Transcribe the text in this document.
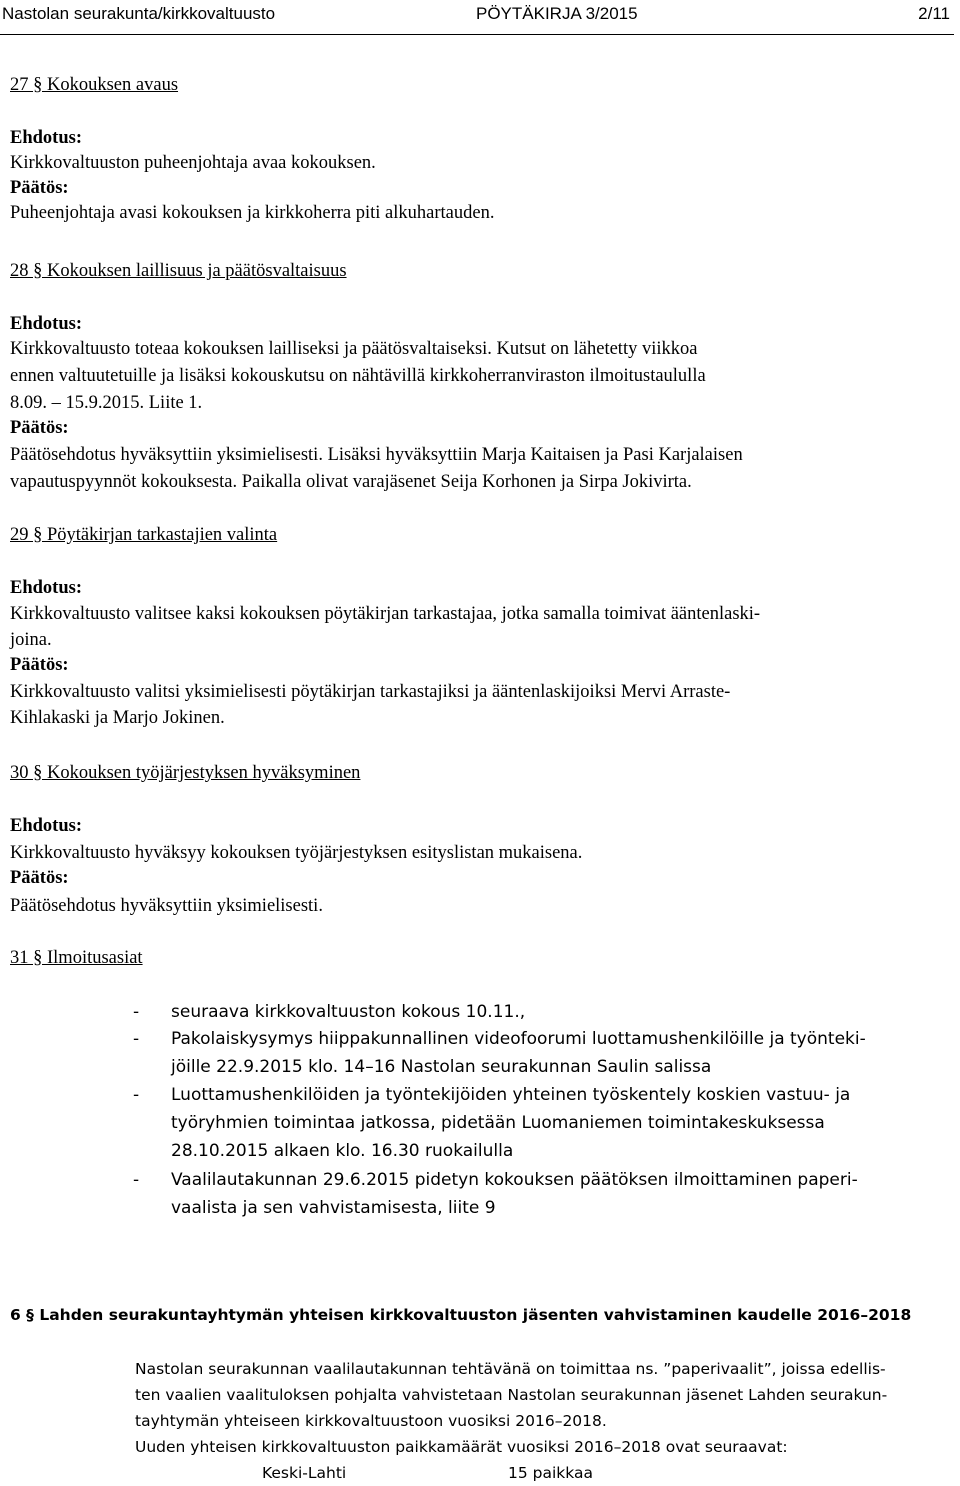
Nastolan seurakunta/kirkkovaltuusto	PÖYTÄKIRJA 3/2015	2/11
27 § Kokouksen avaus
Ehdotus:
Kirkkovaltuuston puheenjohtaja avaa kokouksen.
Päätös:
Puheenjohtaja avasi kokouksen ja kirkkoherra piti alkuhartauden.
28 § Kokouksen laillisuus ja päätösvaltaisuus
Ehdotus:
Kirkkovaltuusto toteaa kokouksen lailliseksi ja päätösvaltaiseksi. Kutsut on lähetetty viikkoa
ennen valtuutetuille ja lisäksi kokouskutsu on nähtävillä kirkkoherranviraston ilmoitustaululla
8.09. – 15.9.2015. Liite 1.
Päätös:
Päätösehdotus hyväksyttiin yksimielisesti. Lisäksi hyväksyttiin Marja Kaitaisen ja Pasi Karjalaisen
vapautuspyynnöt kokouksesta. Paikalla olivat varajäsenet Seija Korhonen ja Sirpa Jokivirta.
29 § Pöytäkirjan tarkastajien valinta
Ehdotus:
Kirkkovaltuusto valitsee kaksi kokouksen pöytäkirjan tarkastajaa, jotka samalla toimivat ääntenlaski-
joina.
Päätös:
Kirkkovaltuusto valitsi yksimielisesti pöytäkirjan tarkastajiksi ja ääntenlaskijoiksi Mervi Arraste-
Kihlakaski ja Marjo Jokinen.
30 § Kokouksen työjärjestyksen hyväksyminen
Ehdotus:
Kirkkovaltuusto hyväksyy kokouksen työjärjestyksen esityslistan mukaisena.
Päätös:
Päätösehdotus hyväksyttiin yksimielisesti.
31 § Ilmoitusasiat
- seuraava kirkkovaltuuston kokous 10.11.,
- Pakolaiskysymys hiippakunnallinen videofoorumi luottamushenkilöille ja työnteki-
jöille 22.9.2015 klo. 14–16 Nastolan seurakunnan Saulin salissa
- Luottamushenkilöiden ja työntekijöiden yhteinen työskentely koskien vastuu- ja
työryhmien toimintaa jatkossa, pidetään Luomaniemen toimintakeskuksessa
28.10.2015 alkaen klo. 16.30 ruokailulla
- Vaalilautakunnan 29.6.2015 pidetyn kokouksen päätöksen ilmoittaminen paperi-
vaalista ja sen vahvistamisesta, liite 9
6 § Lahden seurakuntayhtymän yhteisen kirkkovaltuuston jäsenten vahvistaminen kaudelle 2016–2018
Nastolan seurakunnan vaalilautakunnan tehtävänä on toimittaa ns. ”paperivaalit”, joissa edellis-
ten vaalien vaalituloksen pohjalta vahvistetaan Nastolan seurakunnan jäsenet Lahden seurakun-
tayhtymän yhteiseen kirkkovaltuustoon vuosiksi 2016–2018.
Uuden yhteisen kirkkovaltuuston paikkamäärät vuosiksi 2016–2018 ovat seuraavat:
Keski-Lahti	15 paikkaa
